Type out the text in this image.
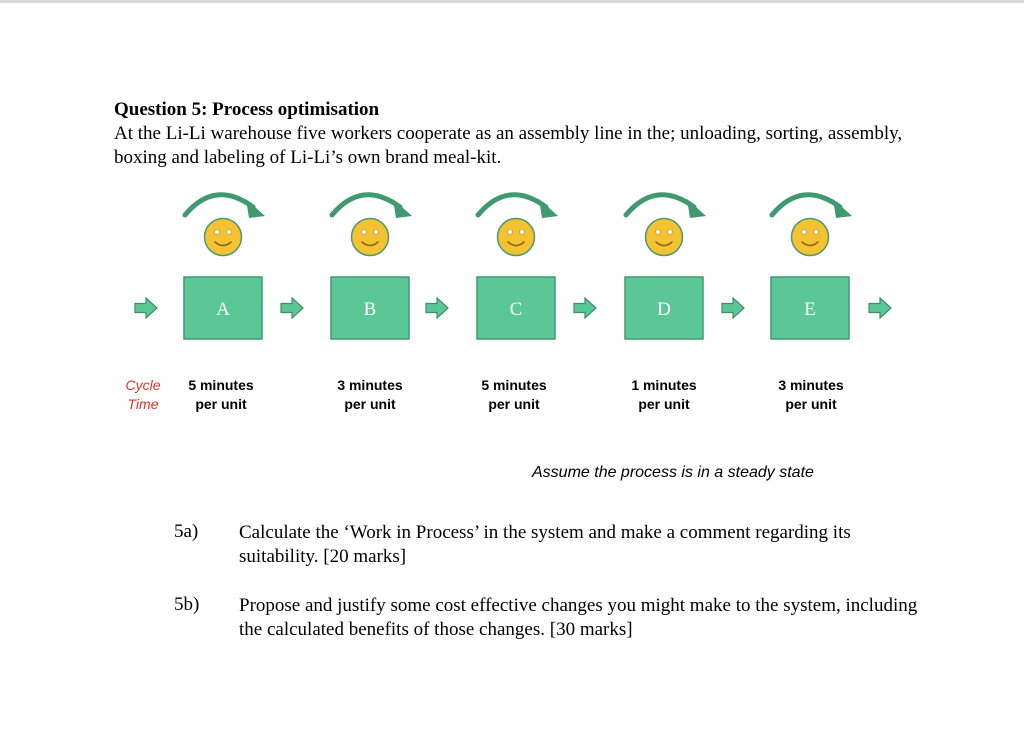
Question 5: Process optimisation
At the Li-Li warehouse five workers cooperate as an assembly line in the; unloading, sorting, assembly, boxing and labeling of Li-Li’s own brand meal-kit.
A	B	C	D	E
Cycle
Time
5 minutes
per unit
3 minutes
per unit
5 minutes
per unit
1 minutes
per unit
3 minutes
per unit
Assume the process is in a steady state
5a) Calculate the ‘Work in Process’ in the system and make a comment regarding its suitability. [20 marks]
5b) Propose and justify some cost effective changes you might make to the system, including the calculated benefits of those changes. [30 marks]
